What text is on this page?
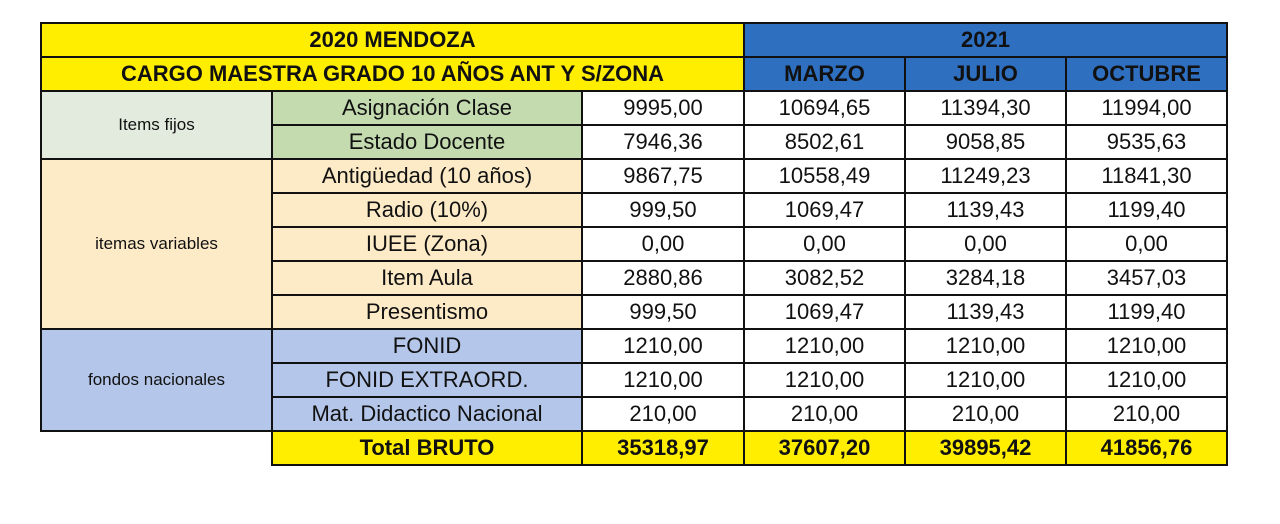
2020 MENDOZA			2021		
CARGO MAESTRA GRADO 10 AÑOS ANT Y S/ZONA			MARZO	JULIO	OCTUBRE
Items fijos	Asignación Clase	9995,00	10694,65	11394,30	11994,00
	Estado Docente	7946,36	8502,61	9058,85	9535,63
itemas variables	Antigüedad (10 años)	9867,75	10558,49	11249,23	11841,30
	Radio (10%)	999,50	1069,47	1139,43	1199,40
	IUEE (Zona)	0,00	0,00	0,00	0,00
	Item Aula	2880,86	3082,52	3284,18	3457,03
	Presentismo	999,50	1069,47	1139,43	1199,40
fondos nacionales	FONID	1210,00	1210,00	1210,00	1210,00
	FONID EXTRAORD.	1210,00	1210,00	1210,00	1210,00
	Mat. Didactico Nacional	210,00	210,00	210,00	210,00
	Total BRUTO	35318,97	37607,20	39895,42	41856,76
